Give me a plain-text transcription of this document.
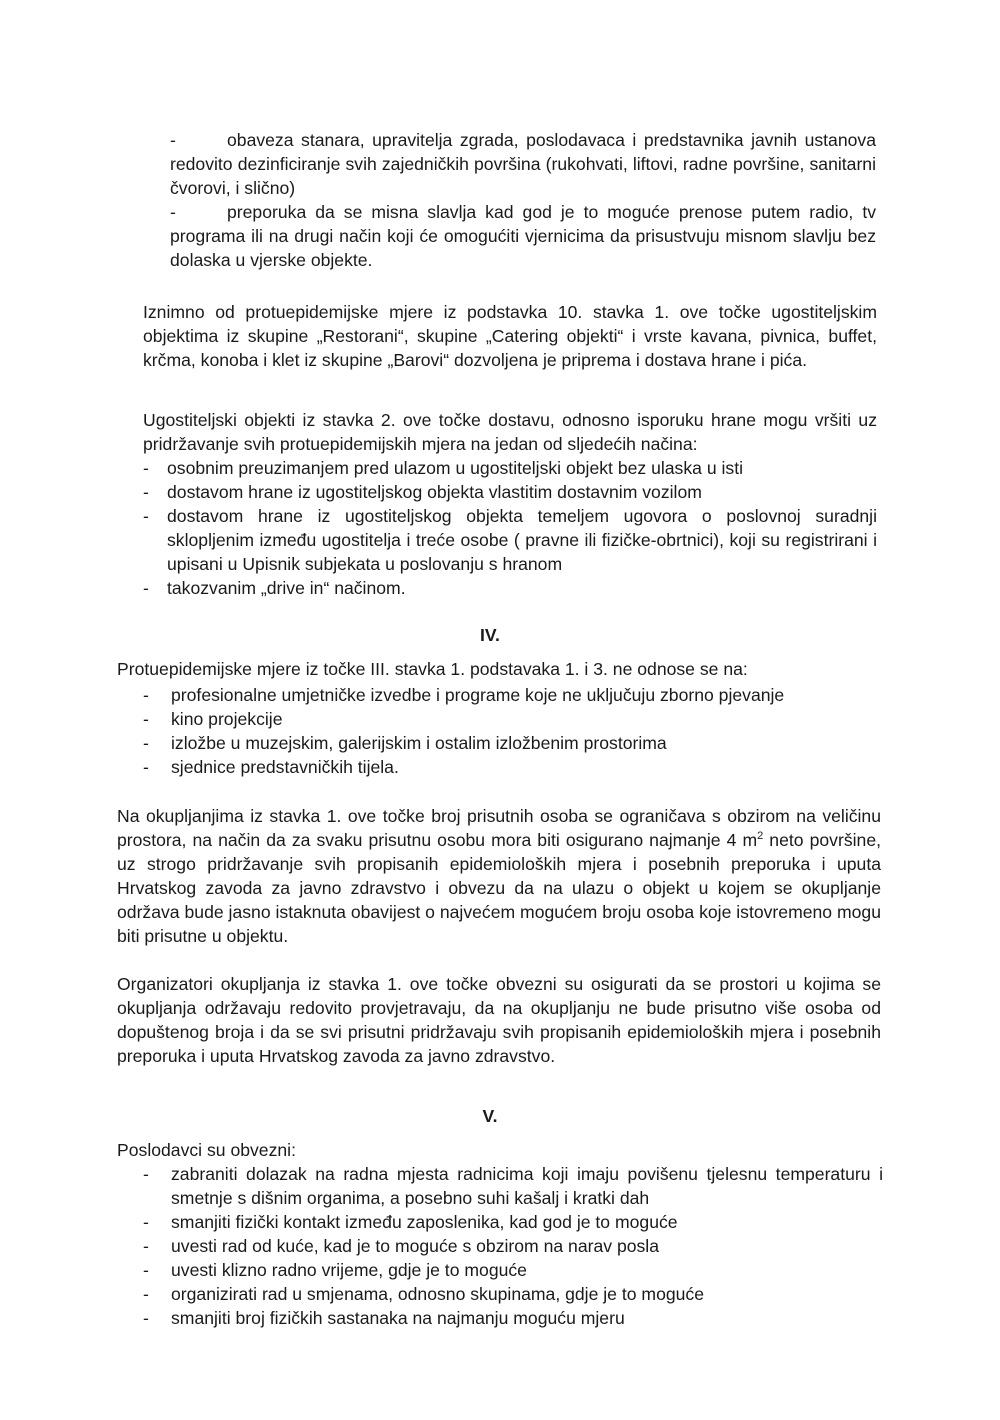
-	obaveza stanara, upravitelja zgrada, poslodavaca i predstavnika javnih ustanova redovito dezinficiranje svih zajedničkih površina (rukohvati, liftovi, radne površine, sanitarni čvorovi, i slično)

-	preporuka da se misna slavlja kad god je to moguće prenose putem radio, tv programa ili na drugi način koji će omogućiti vjernicima da prisustvuju misnom slavlju bez dolaska u vjerske objekte.

Iznimno od protuepidemijske mjere iz podstavka 10. stavka 1. ove točke ugostiteljskim objektima iz skupine „Restorani“, skupine „Catering objekti“ i vrste kavana, pivnica, buffet, krčma, konoba i klet iz skupine „Barovi“ dozvoljena je priprema i dostava hrane i pića.

Ugostiteljski objekti iz stavka 2. ove točke dostavu, odnosno isporuku hrane mogu vršiti uz pridržavanje svih protuepidemijskih mjera na jedan od sljedećih načina:

- osobnim preuzimanjem pred ulazom u ugostiteljski objekt bez ulaska u isti
- dostavom hrane iz ugostiteljskog objekta vlastitim dostavnim vozilom
- dostavom hrane iz ugostiteljskog objekta temeljem ugovora o poslovnoj suradnji sklopljenim između ugostitelja i treće osobe ( pravne ili fizičke-obrtnici), koji su registrirani i upisani u Upisnik subjekata u poslovanju s hranom
- takozvanim „drive in“ načinom.
IV.

Protuepidemijske mjere iz točke III. stavka 1. podstavaka 1. i 3. ne odnose se na:

- profesionalne umjetničke izvedbe i programe koje ne uključuju zborno pjevanje
- kino projekcije
- izložbe u muzejskim, galerijskim i ostalim izložbenim prostorima
- sjednice predstavničkih tijela.

Na okupljanjima iz stavka 1. ove točke broj prisutnih osoba se ograničava s obzirom na veličinu prostora, na način da za svaku prisutnu osobu mora biti osigurano najmanje 4 $m^2$ neto površine, uz strogo pridržavanje svih propisanih epidemioloških mjera i posebnih preporuka i uputa Hrvatskog zavoda za javno zdravstvo i obvezu da na ulazu o objekt u kojem se okupljanje održava bude jasno istaknuta obavijest o najvećem mogućem broju osoba koje istovremeno mogu biti prisutne u objektu.

Organizatori okupljanja iz stavka 1. ove točke obvezni su osigurati da se prostori u kojima se okupljanja održavaju redovito provjetravaju, da na okupljanju ne bude prisutno više osoba od dopuštenog broja i da se svi prisutni pridržavaju svih propisanih epidemioloških mjera i posebnih preporuka i uputa Hrvatskog zavoda za javno zdravstvo.

V.

Poslodavci su obvezni:

- zabraniti dolazak na radna mjesta radnicima koji imaju povišenu tjelesnu temperaturu i smetnje s dišnim organima, a posebno suhi kašalj i kratki dah
- smanjiti fizički kontakt između zaposlenika, kad god je to moguće
- uvesti rad od kuće, kad je to moguće s obzirom na narav posla
- uvesti klizno radno vrijeme, gdje je to moguće
- organizirati rad u smjenama, odnosno skupinama, gdje je to moguće
- smanjiti broj fizičkih sastanaka na najmanju moguću mjeru
